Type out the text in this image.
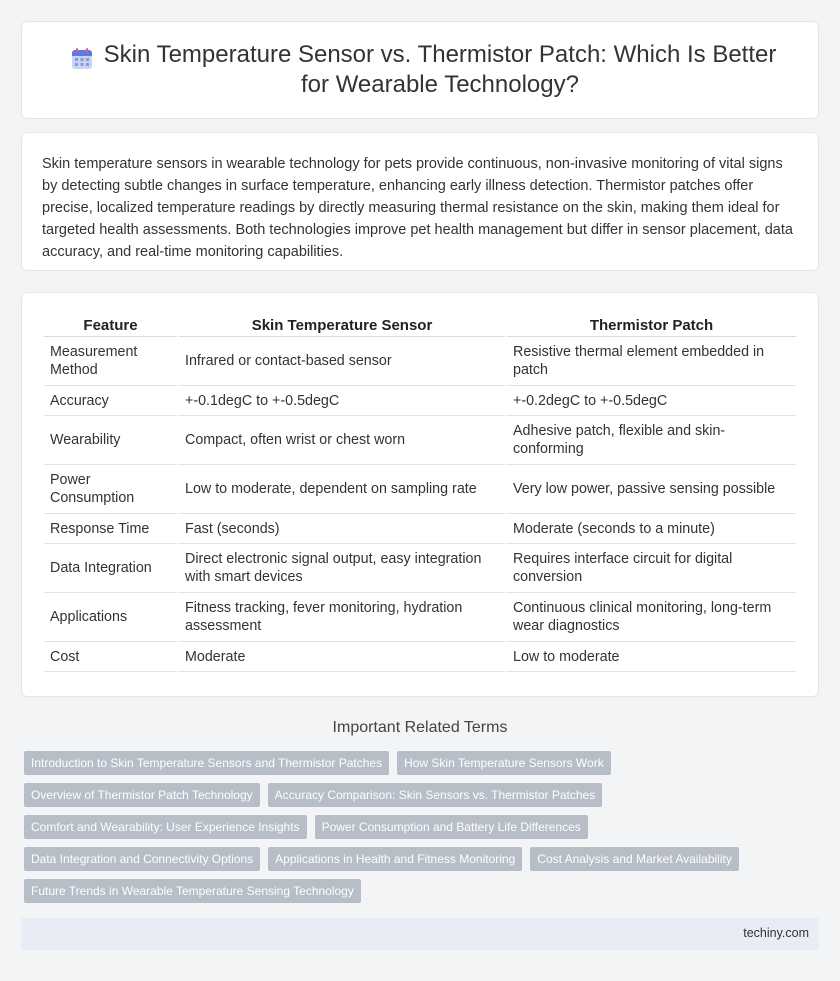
Skin Temperature Sensor vs. Thermistor Patch: Which Is Better for Wearable Technology?

Skin temperature sensors in wearable technology for pets provide continuous, non-invasive monitoring of vital signs by detecting subtle changes in surface temperature, enhancing early illness detection. Thermistor patches offer precise, localized temperature readings by directly measuring thermal resistance on the skin, making them ideal for targeted health assessments. Both technologies improve pet health management but differ in sensor placement, data accuracy, and real-time monitoring capabilities.

Feature	Skin Temperature Sensor	Thermistor Patch
Measurement Method	Infrared or contact-based sensor	Resistive thermal element embedded in patch
Accuracy	+-0.1degC to +-0.5degC	+-0.2degC to +-0.5degC
Wearability	Compact, often wrist or chest worn	Adhesive patch, flexible and skin-conforming
Power Consumption	Low to moderate, dependent on sampling rate	Very low power, passive sensing possible
Response Time	Fast (seconds)	Moderate (seconds to a minute)
Data Integration	Direct electronic signal output, easy integration with smart devices	Requires interface circuit for digital conversion
Applications	Fitness tracking, fever monitoring, hydration assessment	Continuous clinical monitoring, long-term wear diagnostics
Cost	Moderate	Low to moderate
Important Related Terms
Introduction to Skin Temperature Sensors and Thermistor Patches	How Skin Temperature Sensors Work
Overview of Thermistor Patch Technology	Accuracy Comparison: Skin Sensors vs. Thermistor Patches
Comfort and Wearability: User Experience Insights	Power Consumption and Battery Life Differences
Data Integration and Connectivity Options	Applications in Health and Fitness Monitoring	Cost Analysis and Market Availability
Future Trends in Wearable Temperature Sensing Technology
techiny.com
